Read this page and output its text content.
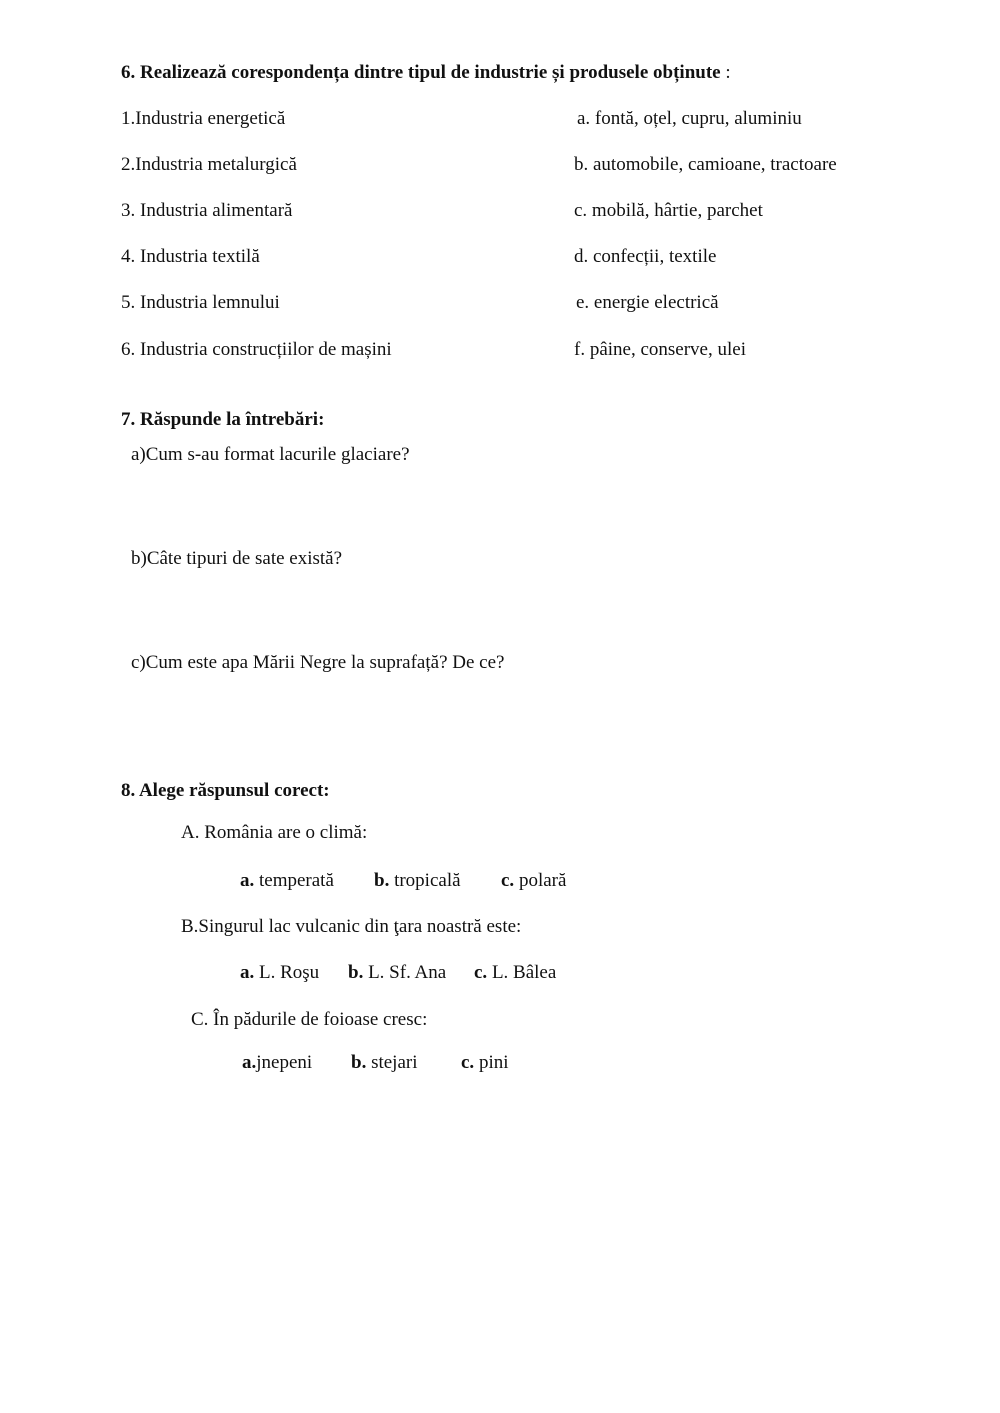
6. Realizează corespondența dintre tipul de industrie și produsele obținute :
1.Industria energetică
2.Industria metalurgică
3. Industria alimentară
4. Industria textilă
5. Industria lemnului
6. Industria construcțiilor de mașini
a. fontă, oțel, cupru, aluminiu
b. automobile, camioane, tractoare
c. mobilă, hârtie, parchet
d. confecții, textile
e. energie electrică
f. pâine, conserve, ulei
7. Răspunde la întrebări:
a)Cum s-au format lacurile glaciare?
b)Câte tipuri de sate există?
c)Cum este apa Mării Negre la suprafață? De ce?
8. Alege răspunsul corect:
A. România are o climă:
a. temperată b. tropicală c. polară
B.Singurul lac vulcanic din ţara noastră este:
a. L. Roşu b. L. Sf. Ana c. L. Bâlea
C. În pădurile de foioase cresc:
a.jnepeni b. stejari c. pini
